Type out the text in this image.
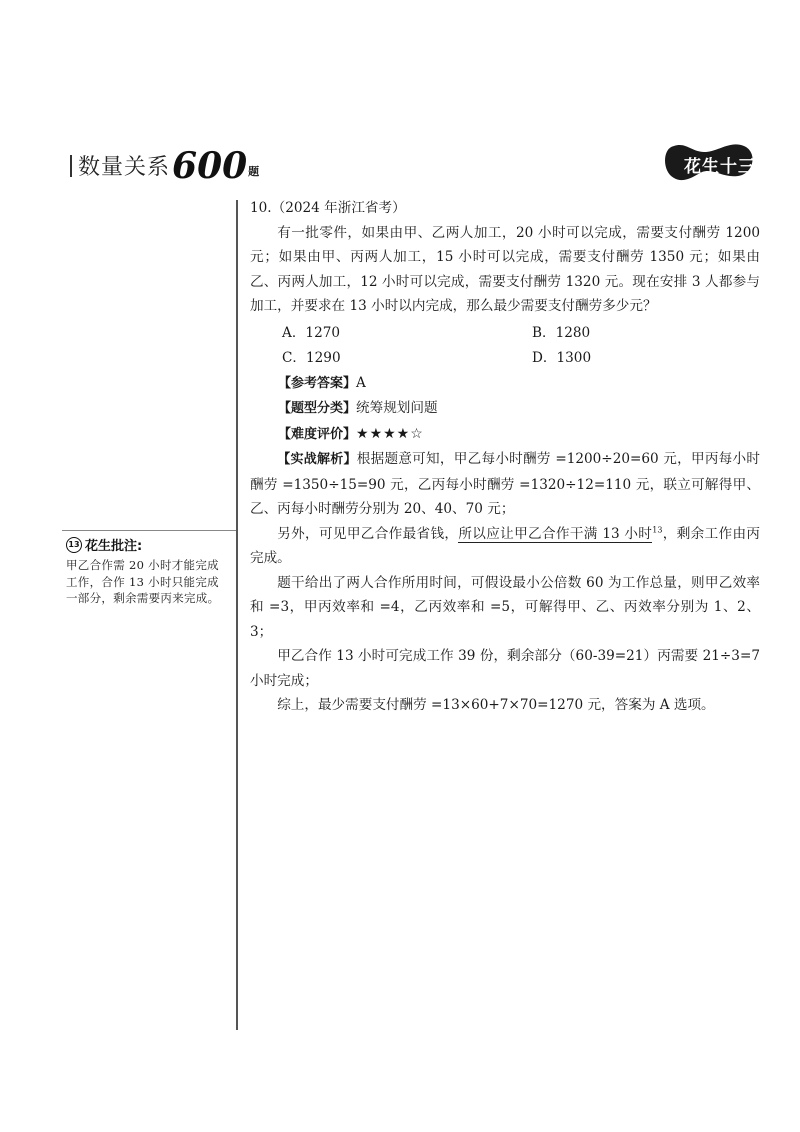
数量关系 600 题	花生十三
13 花生批注:
甲乙合作需 20 小时才能完成工作，合作 13 小时只能完成一部分，剩余需要丙来完成。

10.（2024 年浙江省考）

有一批零件，如果由甲、乙两人加工，20 小时可以完成，需要支付酬劳 1200 元；如果由甲、丙两人加工，15 小时可以完成，需要支付酬劳 1350 元；如果由乙、丙两人加工，12 小时可以完成，需要支付酬劳 1320 元。现在安排 3 人都参与加工，并要求在 13 小时以内完成，那么最少需要支付酬劳多少元？

A．1270	B．1280
C．1290	D．1300

【参考答案】A

【题型分类】统筹规划问题

【难度评价】★★★★☆

【实战解析】根据题意可知，甲乙每小时酬劳 =1200÷20=60 元，甲丙每小时酬劳 =1350÷15=90 元，乙丙每小时酬劳 =1320÷12=110 元，联立可解得甲、乙、丙每小时酬劳分别为 20、40、70 元；

另外，可见甲乙合作最省钱，所以应让甲乙合作干满 13 小时$^{13}$，剩余工作由丙完成。

题干给出了两人合作所用时间，可假设最小公倍数 60 为工作总量，则甲乙效率和 =3，甲丙效率和 =4，乙丙效率和 =5，可解得甲、乙、丙效率分别为 1、2、3；

甲乙合作 13 小时可完成工作 39 份，剩余部分（60-39=21）丙需要 21÷3=7 小时完成；

综上，最少需要支付酬劳 =13×60+7×70=1270 元，答案为 A 选项。
